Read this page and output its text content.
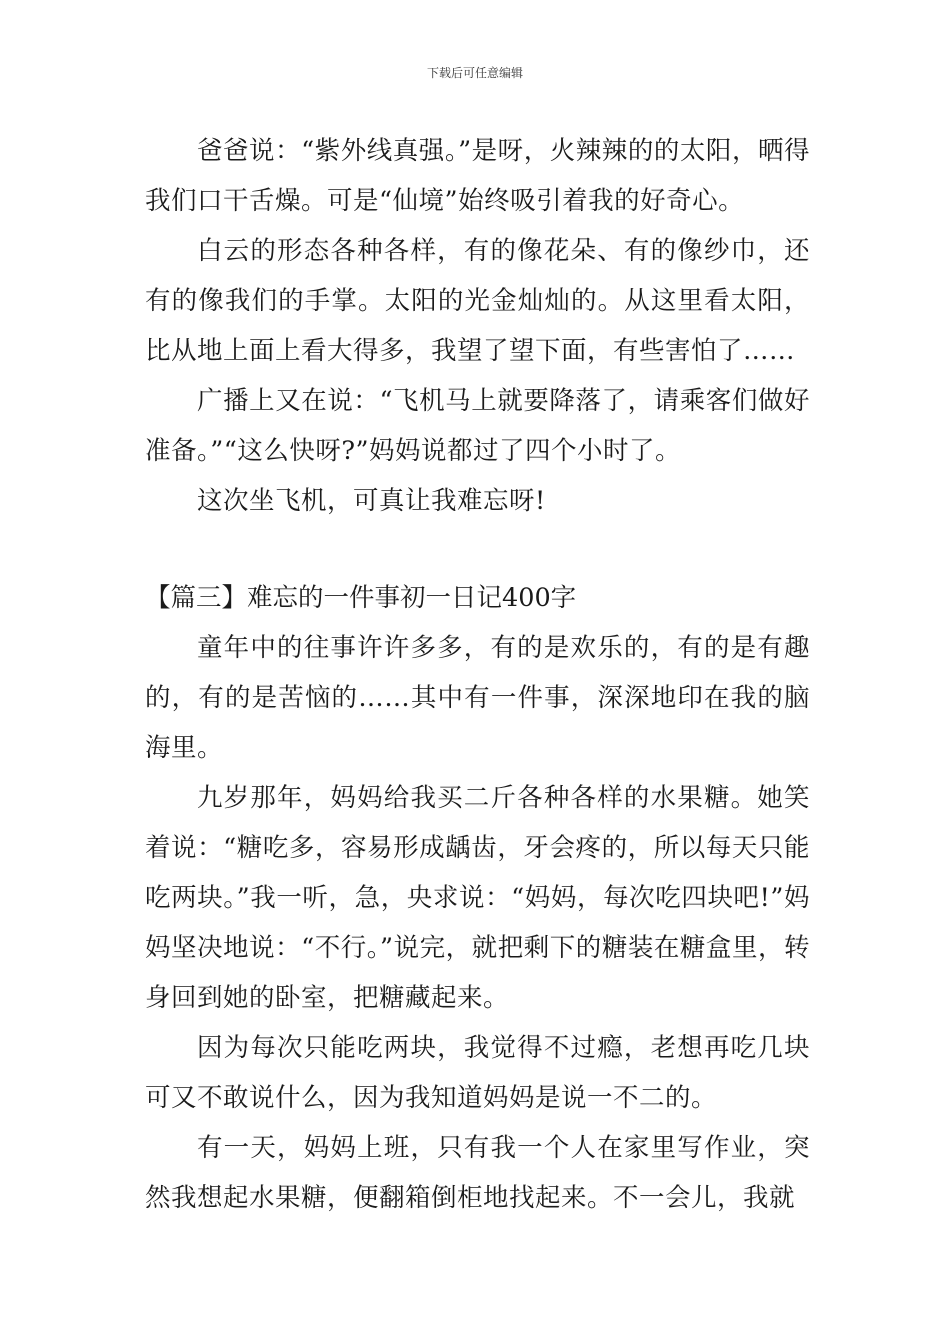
下载后可任意编辑

爸爸说：“紫外线真强。”是呀，火辣辣的的太阳，晒得我们口干舌燥。可是“仙境”始终吸引着我的好奇心。

白云的形态各种各样，有的像花朵、有的像纱巾，还有的像我们的手掌。太阳的光金灿灿的。从这里看太阳，比从地上面上看大得多，我望了望下面，有些害怕了……

广播上又在说：“飞机马上就要降落了，请乘客们做好准备。”“这么快呀?”妈妈说都过了四个小时了。

这次坐飞机，可真让我难忘呀!

【篇三】难忘的一件事初一日记400字

童年中的往事许许多多，有的是欢乐的，有的是有趣的，有的是苦恼的……其中有一件事，深深地印在我的脑海里。

九岁那年，妈妈给我买二斤各种各样的水果糖。她笑着说：“糖吃多，容易形成龋齿，牙会疼的，所以每天只能吃两块。”我一听，急，央求说：“妈妈，每次吃四块吧!”妈妈坚决地说：“不行。”说完，就把剩下的糖装在糖盒里，转身回到她的卧室，把糖藏起来。

因为每次只能吃两块，我觉得不过瘾，老想再吃几块可又不敢说什么，因为我知道妈妈是说一不二的。

有一天，妈妈上班，只有我一个人在家里写作业，突然我想起水果糖，便翻箱倒柜地找起来。不一会儿，我就
